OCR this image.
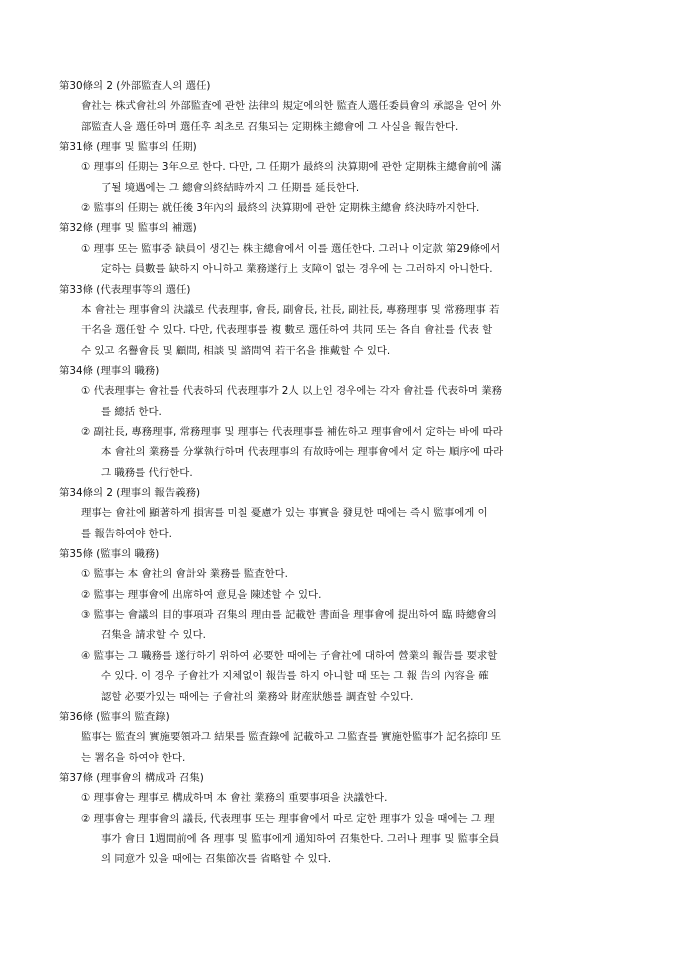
第30條의 2 (外部監査人의 選任)
會社는 株式會社의 外部監査에 관한 法律의 規定에의한 監査人選任委員會의 承認을 얻어 外
部監査人을 選任하며 選任후 최초로 召集되는 定期株主總會에 그 사실을 報告한다.
第31條 (理事 및 監事의 任期)
① 理事의 任期는 3年으로 한다. 다만, 그 任期가 最終의 決算期에 관한 定期株主總會前에 滿
了될 境遇에는 그 總會의終結時까지 그 任期를 延長한다.
② 監事의 任期는 就任後 3年內의 最終의 決算期에 관한 定期株主總會 終決時까지한다.
第32條 (理事 및 監事의 補選)
① 理事 또는 監事중 缺員이 생긴는 株主總會에서 이를 選任한다. 그러나 이定款 第29條에서
定하는 員數를 缺하지 아니하고 業務遂行上 支障이 없는 경우에 는 그러하지 아니한다.
第33條 (代表理事等의 選任)
本 會社는 理事會의 決議로 代表理事, 會長, 副會長, 社長, 副社長, 專務理事 및 常務理事 若
干名을 選任할 수 있다. 다만, 代表理事를 複 數로 選任하여 共同 또는 各自 會社를 代表 할
수 있고 名譽會長 및 顧問, 相談 및 諮問역 若干名을 推戴할 수 있다.
第34條 (理事의 職務)
① 代表理事는 會社를 代表하되 代表理事가 2人 以上인 경우에는 각자 會社를 代表하며 業務
를 總括 한다.
② 副社長, 專務理事, 常務理事 및 理事는 代表理事를 補佐하고 理事會에서 定하는 바에 따라
本 會社의 業務를 分掌執行하며 代表理事의 有故時에는 理事會에서 定 하는 順序에 따라
그 職務를 代行한다.
第34條의 2 (理事의 報告義務)
理事는 會社에 顯著하게 損害를 미칠 憂慮가 있는 事實을 發見한 때에는 즉시 監事에게 이
를 報告하여야 한다.
第35條 (監事의 職務)
① 監事는 本 會社의 會計와 業務를 監査한다.
② 監事는 理事會에 出席하여 意見을 陳述할 수 있다.
③ 監事는 會議의 目的事項과 召集의 理由를 記載한 書面을 理事會에 提出하여 臨 時總會의
召集을 請求할 수 있다.
④ 監事는 그 職務를 遂行하기 위하여 必要한 때에는 子會社에 대하여 營業의 報告를 要求할
수 있다. 이 경우 子會社가 지체없이 報告를 하지 아니할 때 또는 그 報 告의 內容을 確
認할 必要가있는 때에는 子會社의 業務와 財産狀態를 調査할 수있다.
第36條 (監事의 監査錄)
監事는 監査의 實施要領과그 結果를 監査錄에 記載하고 그監査를 實施한監事가 記名捺印 또
는 署名을 하여야 한다.
第37條 (理事會의 構成과 召集)
① 理事會는 理事로 構成하며 本 會社 業務의 重要事項을 決議한다.
② 理事會는 理事會의 議長, 代表理事 또는 理事會에서 따로 定한 理事가 있을 때에는 그 理
事가 會日 1週間前에 各 理事 및 監事에게 通知하여 召集한다. 그러나 理事 및 監事全員
의 同意가 있을 때에는 召集節次를 省略할 수 있다.
